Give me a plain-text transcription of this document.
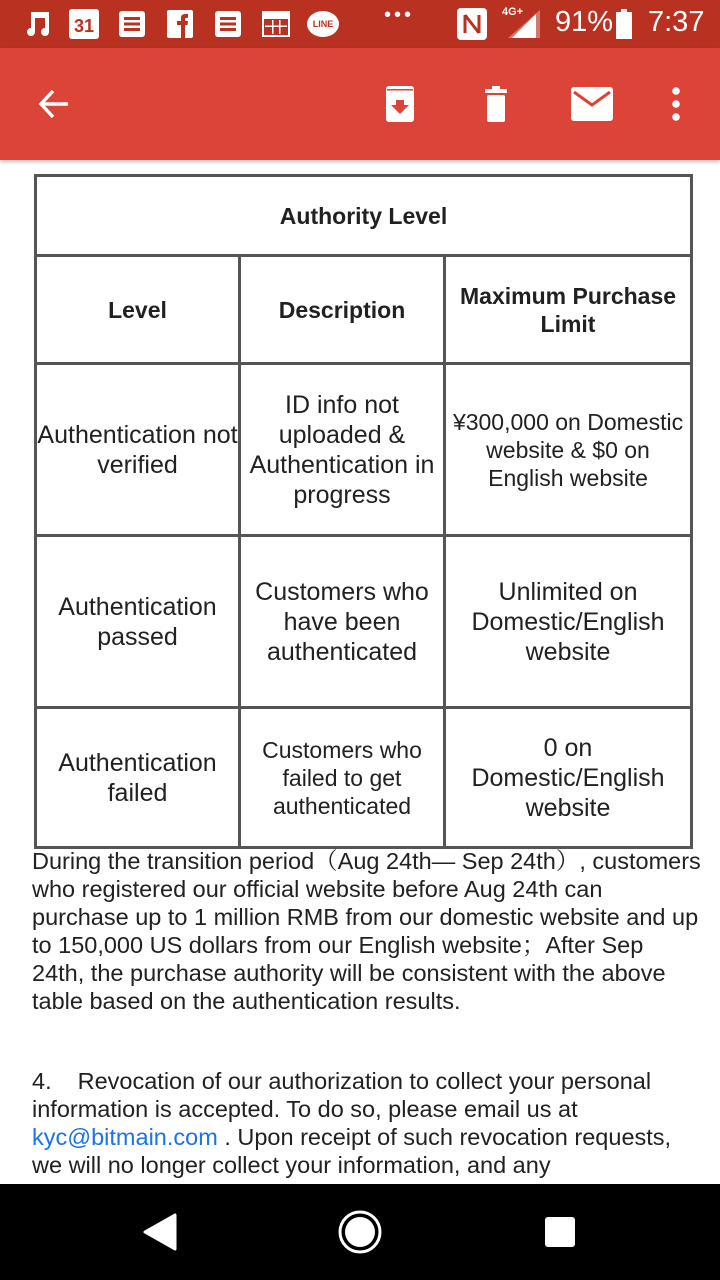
31	LINE	•••	4G+ 91% 7:37
Authority Level		
Level	Description	Maximum Purchase Limit
Authentication not verified	ID info not uploaded & Authentication in progress	¥300,000 on Domestic website & $0 on English website
Authentication passed	Customers who have been authenticated	Unlimited on Domestic/English website
Authentication failed	Customers who failed to get authenticated	0 on Domestic/English website
During the transition period（Aug 24th— Sep 24th）, customers who registered our official website before Aug 24th can purchase up to 1 million RMB from our domestic website and up to 150,000 US dollars from our English website；After Sep 24th, the purchase authority will be consistent with the above table based on the authentication results.
4. Revocation of our authorization to collect your personal information is accepted. To do so, please email us at kyc@bitmain.com . Upon receipt of such revocation requests, we will no longer collect your information, and any
